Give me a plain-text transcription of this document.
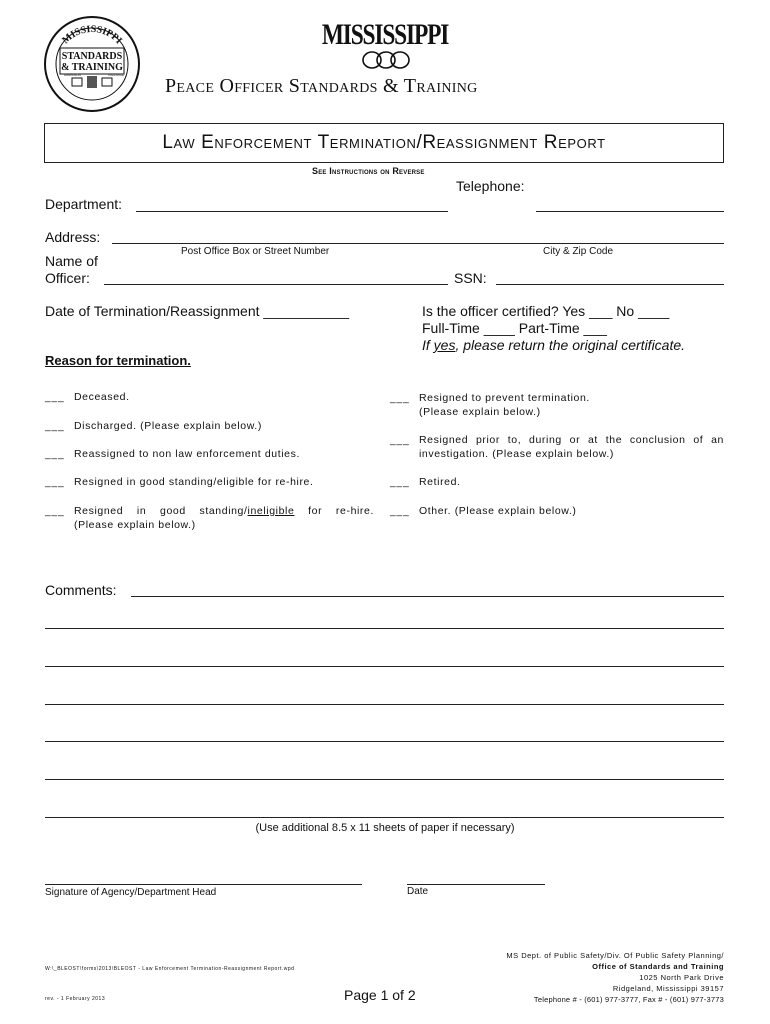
MISSISSIPPI
STANDARDS
& TRAINING
ADMISSION	VIGILANCE
MISSISSIPPI
Peace Officer Standards & Training
Law Enforcement Termination/Reassignment Report
See Instructions on Reverse
Telephone:
Department:
Address:
Post Office Box or Street Number	City & Zip Code
Name of
Officer:	SSN:
Date of Termination/Reassignment ___________	Is the officer certified? Yes ___ No ____
Full-Time ____ Part-Time ___
If yes, please return the original certificate.
Reason for termination.
___ Deceased.
___ Discharged. (Please explain below.)
___ Reassigned to non law enforcement duties.
___ Resigned in good standing/eligible for re-hire.
___ Resigned in good standing/ineligible for re-hire.
(Please explain below.)
___ Resigned to prevent termination.
(Please explain below.)
___ Resigned prior to, during or at the conclusion of an
investigation. (Please explain below.)
___ Retired.
___ Other. (Please explain below.)
Comments:
(Use additional 8.5 x 11 sheets of paper if necessary)
Signature of Agency/Department Head	Date
W:\_BLEOST\forms\2013\BLEOST - Law Enforcement Termination-Reassignment Report.wpd
rev. - 1 February 2013	Page 1 of 2
MS Dept. of Public Safety/Div. Of Public Safety Planning/
Office of Standards and Training
1025 North Park Drive
Ridgeland, Mississippi 39157
Telephone # - (601) 977-3777, Fax # - (601) 977-3773
